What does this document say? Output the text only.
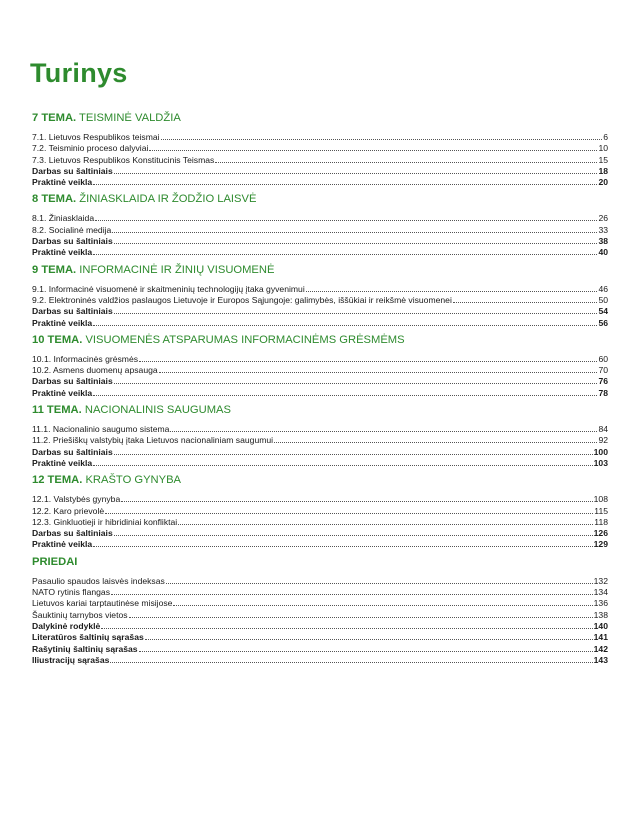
Turinys
7 TEMA. TEISMINĖ VALDŽIA
7.1. Lietuvos Respublikos teismai	6
7.2. Teisminio proceso dalyviai	10
7.3. Lietuvos Respublikos Konstitucinis Teismas	15
Darbas su šaltiniais	18
Praktinė veikla	20
8 TEMA. ŽINIASKLAIDA IR ŽODŽIO LAISVĖ
8.1. Žiniasklaida	26
8.2. Socialinė medija	33
Darbas su šaltiniais	38
Praktinė veikla	40
9 TEMA. INFORMACINĖ IR ŽINIŲ VISUOMENĖ
9.1. Informacinė visuomenė ir skaitmeninių technologijų įtaka gyvenimui	46
9.2. Elektroninės valdžios paslaugos Lietuvoje ir Europos Sąjungoje: galimybės, iššūkiai ir reikšmė visuomenei	50
Darbas su šaltiniais	54
Praktinė veikla	56
10 TEMA. VISUOMENĖS ATSPARUMAS INFORMACINĖMS GRĖSMĖMS
10.1. Informacinės grėsmės	60
10.2. Asmens duomenų apsauga	70
Darbas su šaltiniais	76
Praktinė veikla	78
11 TEMA. NACIONALINIS SAUGUMAS
11.1. Nacionalinio saugumo sistema	84
11.2. Priešiškų valstybių įtaka Lietuvos nacionaliniam saugumui	92
Darbas su šaltiniais	100
Praktinė veikla	103
12 TEMA. KRAŠTO GYNYBA
12.1. Valstybės gynyba	108
12.2. Karo prievolė	115
12.3. Ginkluotieji ir hibridiniai konfliktai	118
Darbas su šaltiniais	126
Praktinė veikla	129
PRIEDAI
Pasaulio spaudos laisvės indeksas	132
NATO rytinis flangas	134
Lietuvos kariai tarptautinėse misijose	136
Šauktinių tarnybos vietos	138
Dalykinė rodyklė	140
Literatūros šaltinių sąrašas	141
Rašytinių šaltinių sąrašas	142
Iliustracijų sąrašas	143
